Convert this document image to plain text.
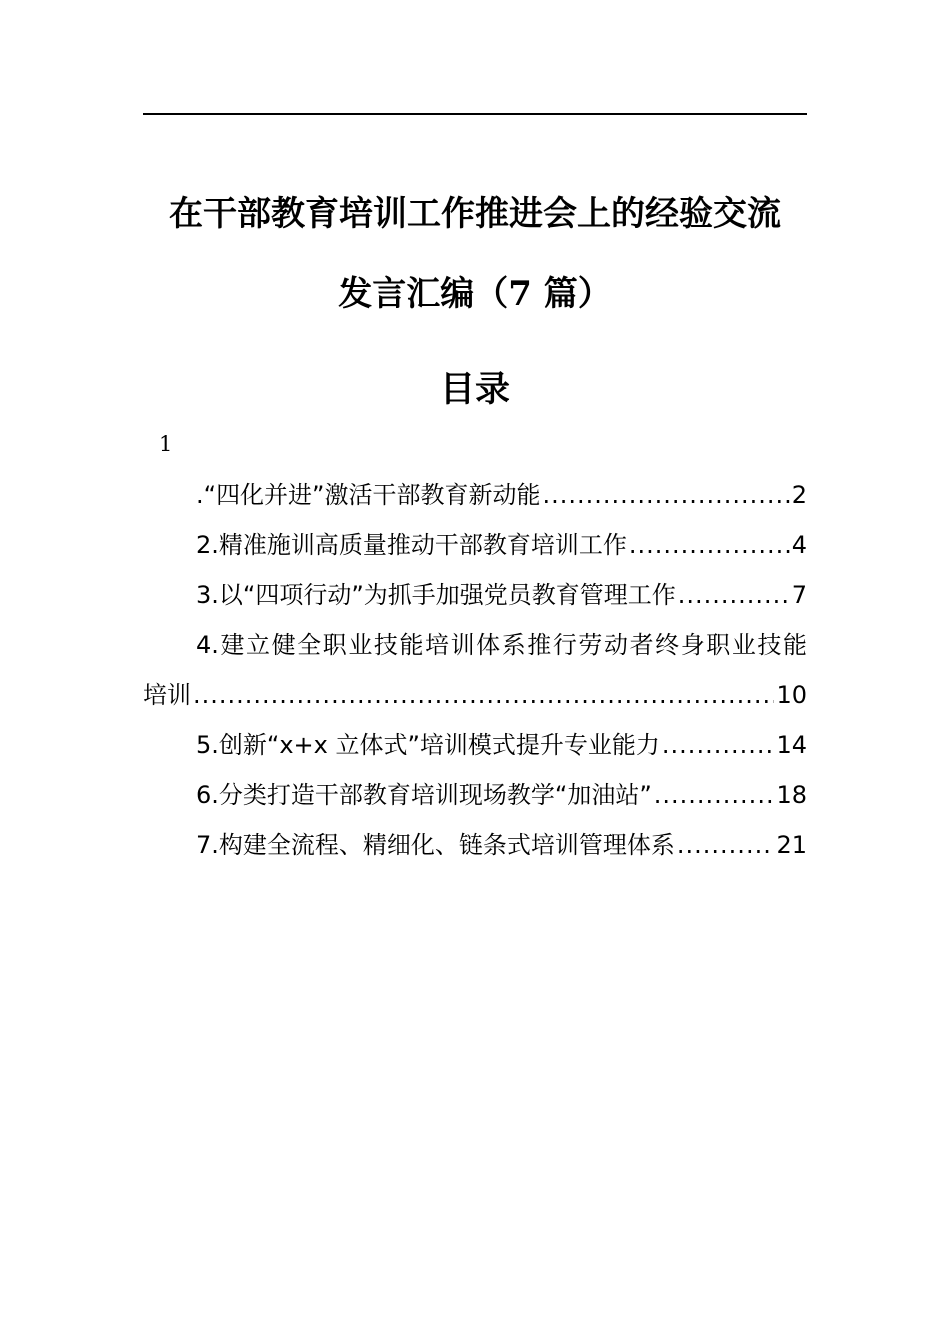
在干部教育培训工作推进会上的经验交流
发言汇编（7 篇）
目录
1
.“四化并进”激活干部教育新动能 .....	2
2.精准施训高质量推动干部教育培训工作 .....	4
3.以“四项行动”为抓手加强党员教育管理工作 .....	7
4.建立健全职业技能培训体系推行劳动者终身职业技能
培训 .....	10
5.创新“x+x 立体式”培训模式提升专业能力 .....	14
6.分类打造干部教育培训现场教学“加油站” .....	18
7.构建全流程、精细化、链条式培训管理体系 .....	21
